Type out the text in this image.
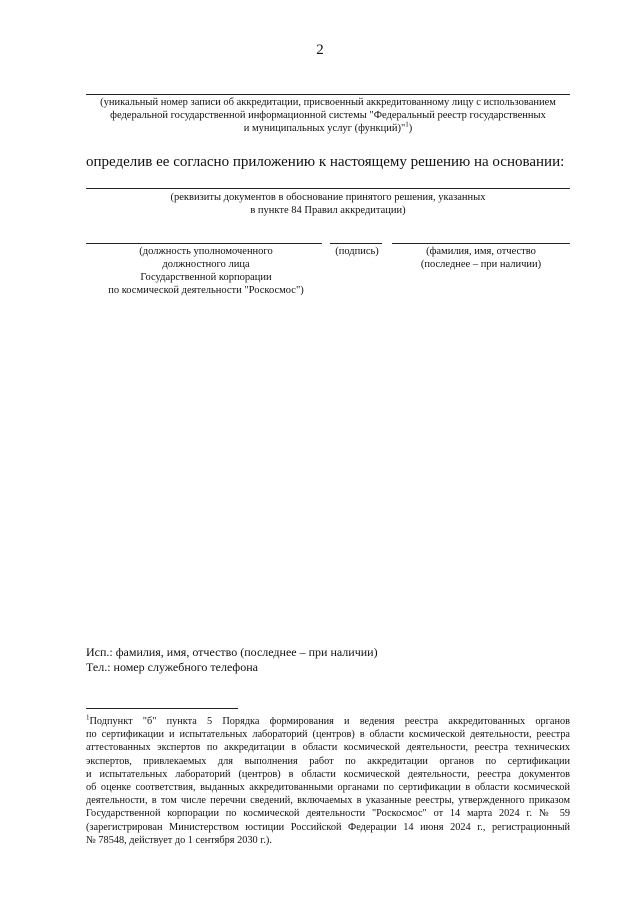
2
(уникальный номер записи об аккредитации, присвоенный аккредитованному лицу с использованием
федеральной государственной информационной системы "Федеральный реестр государственных
и муниципальных услуг (функций)"$^1$)
определив ее согласно приложению к настоящему решению на основании:
(реквизиты документов в обоснование принятого решения, указанных
в пункте 84 Правил аккредитации)
(должность уполномоченного
должностного лица
Государственной корпорации
по космической деятельности "Роскосмос")
(подпись)	(фамилия, имя, отчество
(последнее – при наличии)
Исп.: фамилия, имя, отчество (последнее – при наличии)
Тел.: номер служебного телефона
$^1$Подпункт "б" пункта 5 Порядка формирования и ведения реестра аккредитованных органов
по сертификации и испытательных лабораторий (центров) в области космической деятельности, реестра
аттестованных экспертов по аккредитации в области космической деятельности, реестра технических
экспертов, привлекаемых для выполнения работ по аккредитации органов по сертификации
и испытательных лабораторий (центров) в области космической деятельности, реестра документов
об оценке соответствия, выданных аккредитованными органами по сертификации в области космической
деятельности, в том числе перечни сведений, включаемых в указанные реестры, утвержденного приказом
Государственной корпорации по космической деятельности "Роскосмос" от 14 марта 2024 г. № 59
(зарегистрирован Министерством юстиции Российской Федерации 14 июня 2024 г., регистрационный
№ 78548, действует до 1 сентября 2030 г.).
